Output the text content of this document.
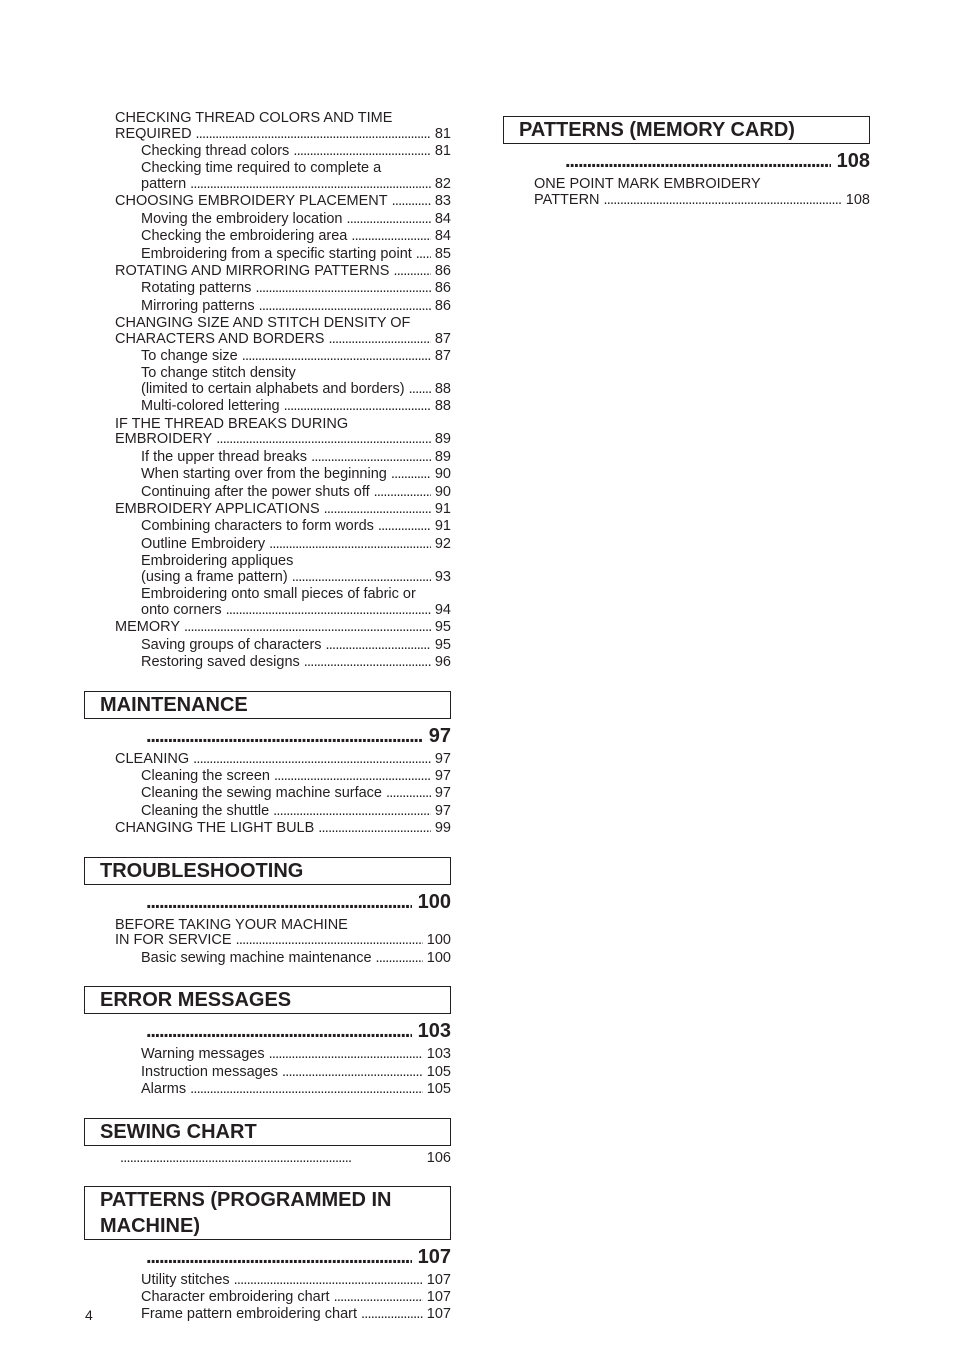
CHECKING THREAD COLORS AND TIME
REQUIRED . . .	81
Checking thread colors . . .	81
Checking time required to complete a
pattern . . .	82
CHOOSING EMBROIDERY PLACEMENT . . .	83
Moving the embroidery location . . .	84
Checking the embroidering area . . .	84
Embroidering from a specific starting point . . . 85
ROTATING AND MIRRORING PATTERNS . . .	86
Rotating patterns . . .	86
Mirroring patterns . . .	86
CHANGING SIZE AND STITCH DENSITY OF
CHARACTERS AND BORDERS . . .	87
To change size . . .	87
To change stitch density
(limited to certain alphabets and borders) . . . 88
Multi-colored lettering . . .	88
IF THE THREAD BREAKS DURING
EMBROIDERY . . .	89
If the upper thread breaks . . .	89
When starting over from the beginning . . .	90
Continuing after the power shuts off . . .	90
EMBROIDERY APPLICATIONS . . .	91
Combining characters to form words . . .	91
Outline Embroidery . . .	92
Embroidering appliques
(using a frame pattern) . . .	93
Embroidering onto small pieces of fabric or
onto corners . . .	94
MEMORY . . .	95
Saving groups of characters . . .	95
Restoring saved designs . . .	96
MAINTENANCE
. . .
97
CLEANING . . .	97
Cleaning the screen . . .	97
Cleaning the sewing machine surface . . .	97
Cleaning the shuttle . . .	97
CHANGING THE LIGHT BULB . . .	99
TROUBLESHOOTING
. . .
100
BEFORE TAKING YOUR MACHINE
IN FOR SERVICE . . .	100
Basic sewing machine maintenance . . .	100
ERROR MESSAGES
. . .
103
Warning messages . . .	103
Instruction messages . . .	105
Alarms . . .	105
SEWING CHART
. . .
106
PATTERNS (PROGRAMMED IN MACHINE)
. . .
107
Utility stitches . . .	107
Character embroidering chart . . .	107
Frame pattern embroidering chart . . .	107
PATTERNS (MEMORY CARD)
. . .
108
ONE POINT MARK EMBROIDERY
PATTERN . . .	108
4
